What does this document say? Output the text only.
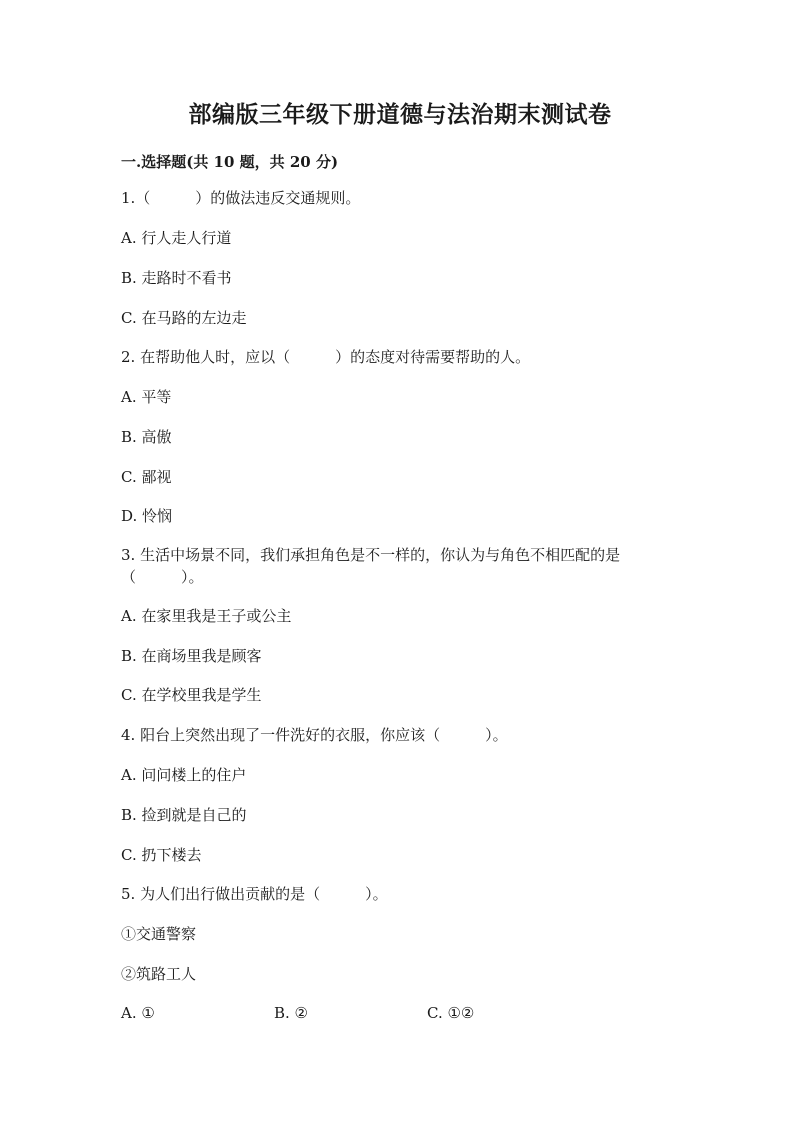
部编版三年级下册道德与法治期末测试卷
一.选择题(共 10 题，共 20 分)
1.（　　　）的做法违反交通规则。
A. 行人走人行道
B. 走路时不看书
C. 在马路的左边走
2. 在帮助他人时，应以（　　　）的态度对待需要帮助的人。
A. 平等
B. 高傲
C. 鄙视
D. 怜悯
3. 生活中场景不同，我们承担角色是不一样的，你认为与角色不相匹配的是（　　　）。
A. 在家里我是王子或公主
B. 在商场里我是顾客
C. 在学校里我是学生
4. 阳台上突然出现了一件洗好的衣服，你应该（　　　）。
A. 问问楼上的住户
B. 捡到就是自己的
C. 扔下楼去
5. 为人们出行做出贡献的是（　　　）。
①交通警察
②筑路工人
A. ①	B. ②	C. ①②
